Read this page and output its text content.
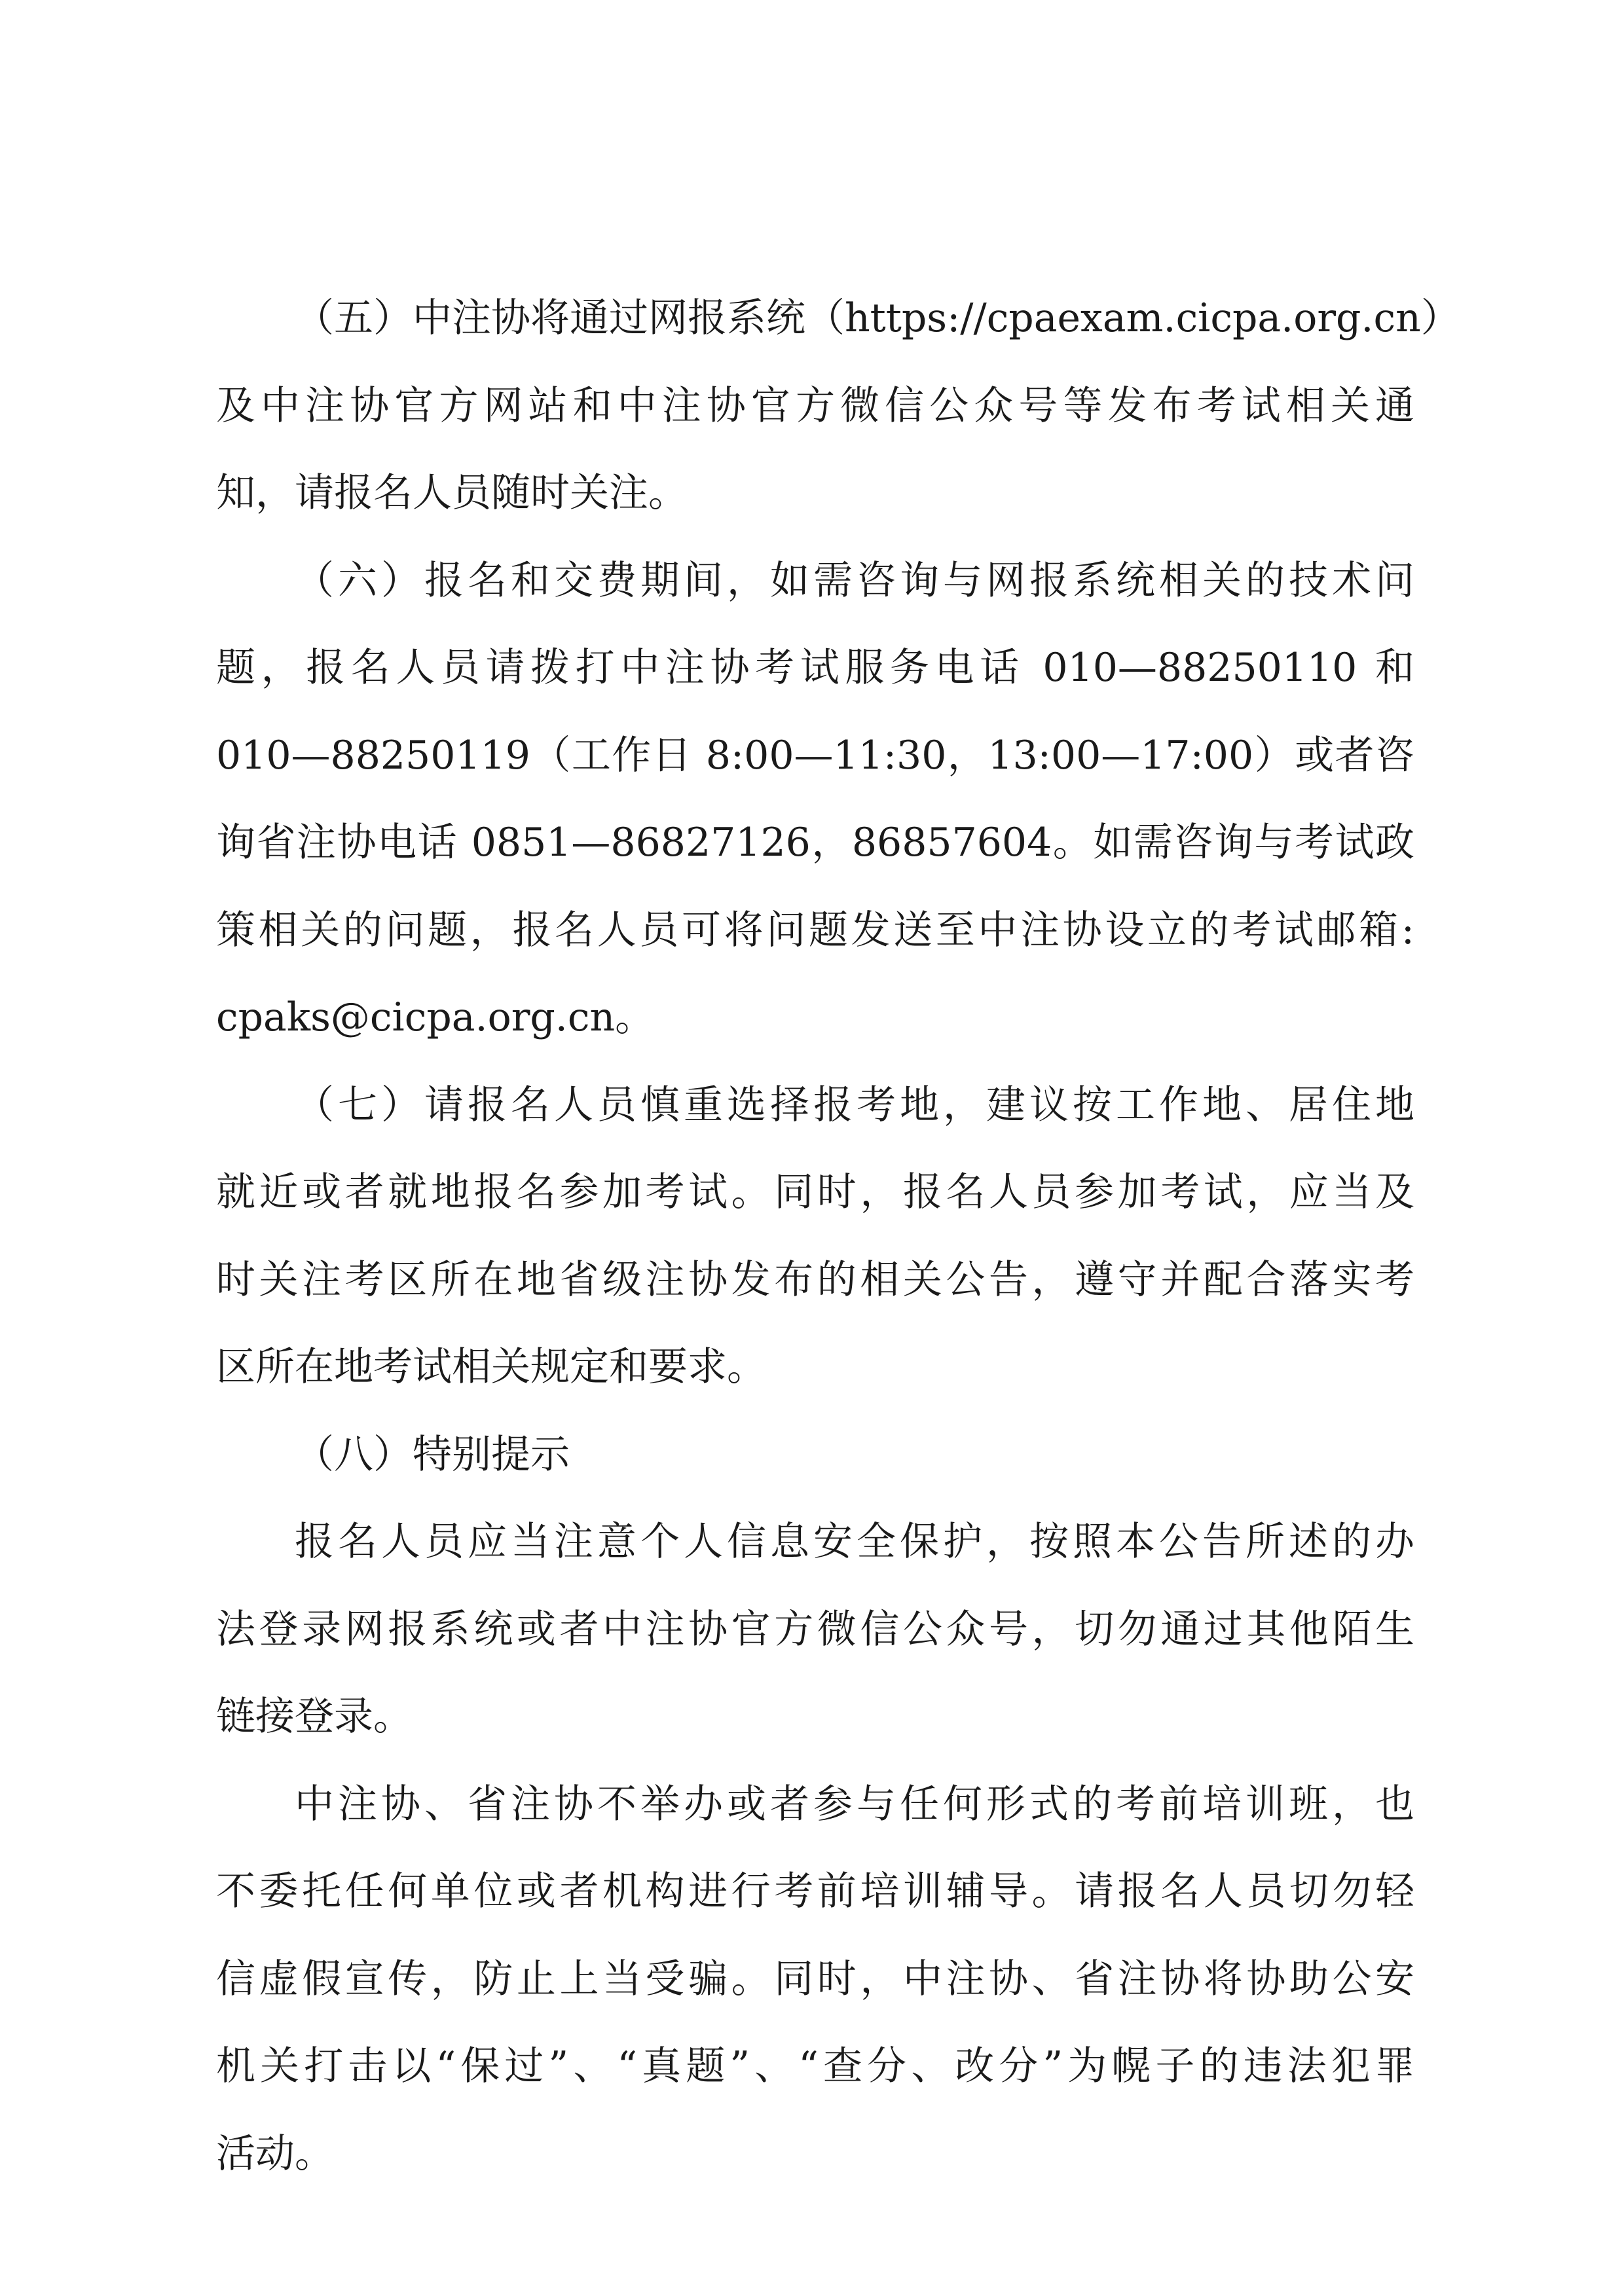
（五）中注协将通过网报系统（https://cpaexam.cicpa.org.cn）
及中注协官方网站和中注协官方微信公众号等发布考试相关通
知，请报名人员随时关注。
（六）报名和交费期间，如需咨询与网报系统相关的技术问
题，报名人员请拨打中注协考试服务电话 010—88250110 和
010—88250119（工作日 8:00—11:30，13:00—17:00）或者咨
询省注协电话 0851—86827126，86857604。如需咨询与考试政
策相关的问题，报名人员可将问题发送至中注协设立的考试邮箱:
cpaks@cicpa.org.cn。
（七）请报名人员慎重选择报考地，建议按工作地、居住地
就近或者就地报名参加考试。同时，报名人员参加考试，应当及
时关注考区所在地省级注协发布的相关公告，遵守并配合落实考
区所在地考试相关规定和要求。
（八）特别提示
报名人员应当注意个人信息安全保护，按照本公告所述的办
法登录网报系统或者中注协官方微信公众号，切勿通过其他陌生
链接登录。
中注协、省注协不举办或者参与任何形式的考前培训班，也
不委托任何单位或者机构进行考前培训辅导。请报名人员切勿轻
信虚假宣传，防止上当受骗。同时，中注协、省注协将协助公安
机关打击以“保过”、“真题”、“查分、改分”为幌子的违法犯罪
活动。
